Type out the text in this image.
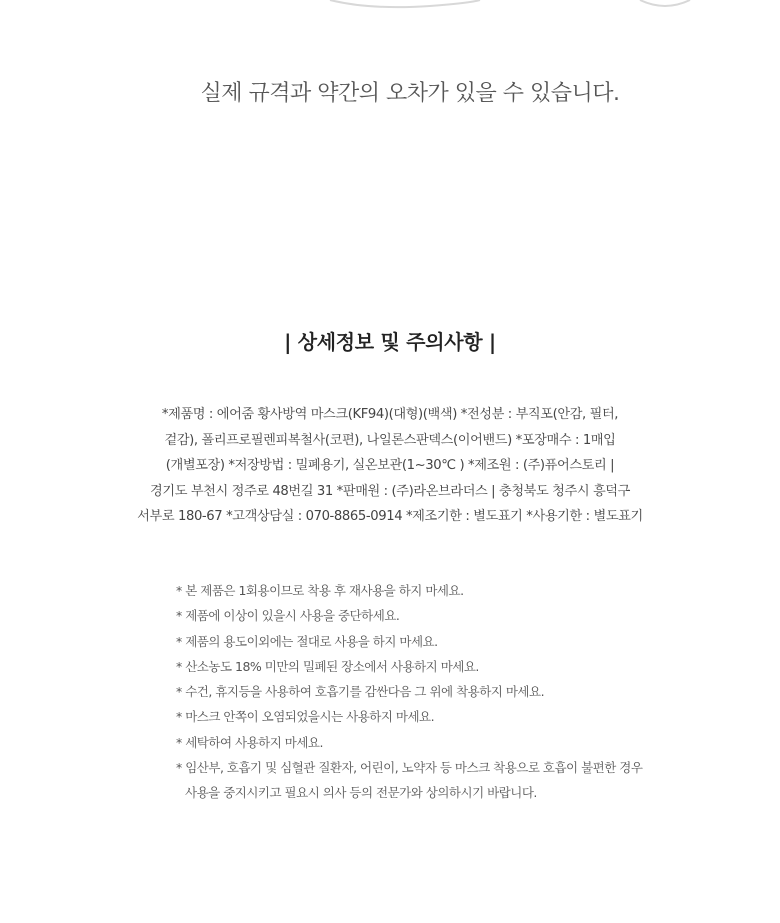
실제 규격과 약간의 오차가 있을 수 있습니다.
| 상세정보 및 주의사항 |
*제품명 : 에어줌 황사방역 마스크(KF94)(대형)(백색) *전성분 : 부직포(안감, 필터,
겉감), 폴리프로필렌피복철사(코편), 나일론스판덱스(이어밴드) *포장매수 : 1매입
(개별포장) *저장방법 : 밀폐용기, 실온보관(1~30℃ ) *제조원 : (주)퓨어스토리 |
경기도 부천시 정주로 48번길 31 *판매원 : (주)라온브라더스 | 충청북도 청주시 흥덕구
서부로 180-67 *고객상담실 : 070-8865-0914 *제조기한 : 별도표기 *사용기한 : 별도표기
* 본 제품은 1회용이므로 착용 후 재사용을 하지 마세요.
* 제품에 이상이 있을시 사용을 중단하세요.
* 제품의 용도이외에는 절대로 사용을 하지 마세요.
* 산소농도 18% 미만의 밀폐된 장소에서 사용하지 마세요.
* 수건, 휴지등을 사용하여 호흡기를 감싼다음 그 위에 착용하지 마세요.
* 마스크 안쪽이 오염되었을시는 사용하지 마세요.
* 세탁하여 사용하지 마세요.
* 임산부, 호흡기 및 심혈관 질환자, 어린이, 노약자 등 마스크 착용으로 호흡이 불편한 경우
사용을 중지시키고 필요시 의사 등의 전문가와 상의하시기 바랍니다.
